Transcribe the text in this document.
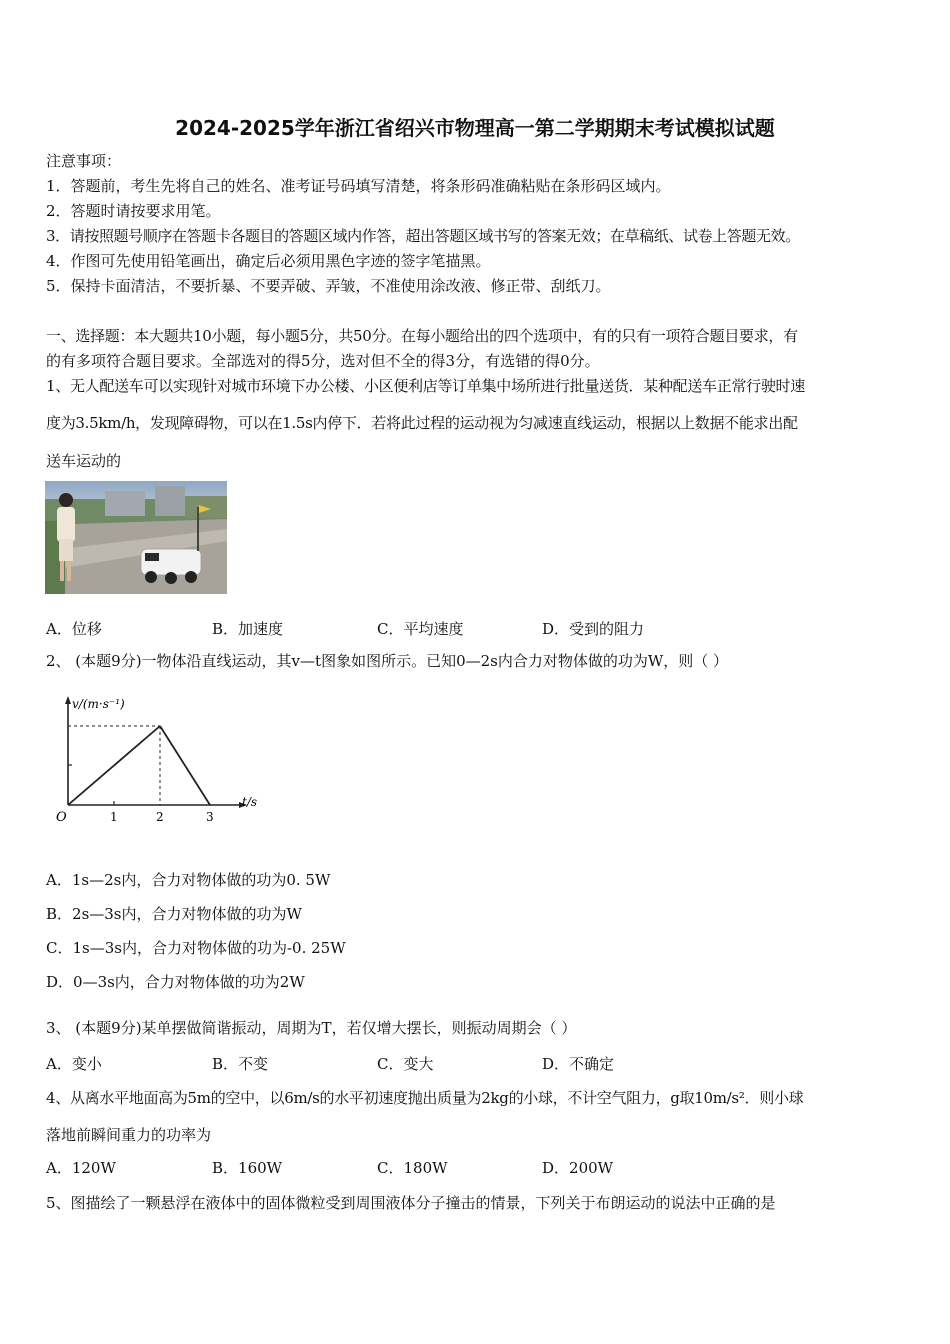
2024-2025学年浙江省绍兴市物理高一第二学期期末考试模拟试题
注意事项：
1．答题前，考生先将自己的姓名、准考证号码填写清楚，将条形码准确粘贴在条形码区域内。
2．答题时请按要求用笔。
3．请按照题号顺序在答题卡各题目的答题区域内作答，超出答题区域书写的答案无效；在草稿纸、试卷上答题无效。
4．作图可先使用铅笔画出，确定后必须用黑色字迹的签字笔描黑。
5．保持卡面清洁，不要折暴、不要弄破、弄皱，不准使用涂改液、修正带、刮纸刀。
一、选择题：本大题共10小题，每小题5分，共50分。在每小题给出的四个选项中，有的只有一项符合题目要求，有
的有多项符合题目要求。全部选对的得5分，选对但不全的得3分，有选错的得0分。
1、无人配送车可以实现针对城市环境下办公楼、小区便利店等订单集中场所进行批量送货．某种配送车正常行驶时速
度为3.5km/h，发现障碍物，可以在1.5s内停下．若将此过程的运动视为匀减速直线运动，根据以上数据不能求出配
送车运动的
A．位移	B．加速度	C．平均速度	D．受到的阻力
2、 (本题9分)一物体沿直线运动，其v—t图象如图所示。已知0—2s内合力对物体做的功为W，则（ ）
v/(m·s⁻¹)
t/s
O	1	2	3
A．1s—2s内，合力对物体做的功为0. 5W
B．2s—3s内，合力对物体做的功为W
C．1s—3s内，合力对物体做的功为-0. 25W
D．0—3s内，合力对物体做的功为2W
3、 (本题9分)某单摆做简谐振动，周期为T，若仅增大摆长，则振动周期会（ ）
A．变小	B．不变	C．变大	D．不确定
4、从离水平地面高为5m的空中，以6m/s的水平初速度抛出质量为2kg的小球，不计空气阻力，g取10m/s²．则小球
落地前瞬间重力的功率为
A．120W	B．160W	C．180W	D．200W
5、图描绘了一颗悬浮在液体中的固体微粒受到周围液体分子撞击的情景，下列关于布朗运动的说法中正确的是
